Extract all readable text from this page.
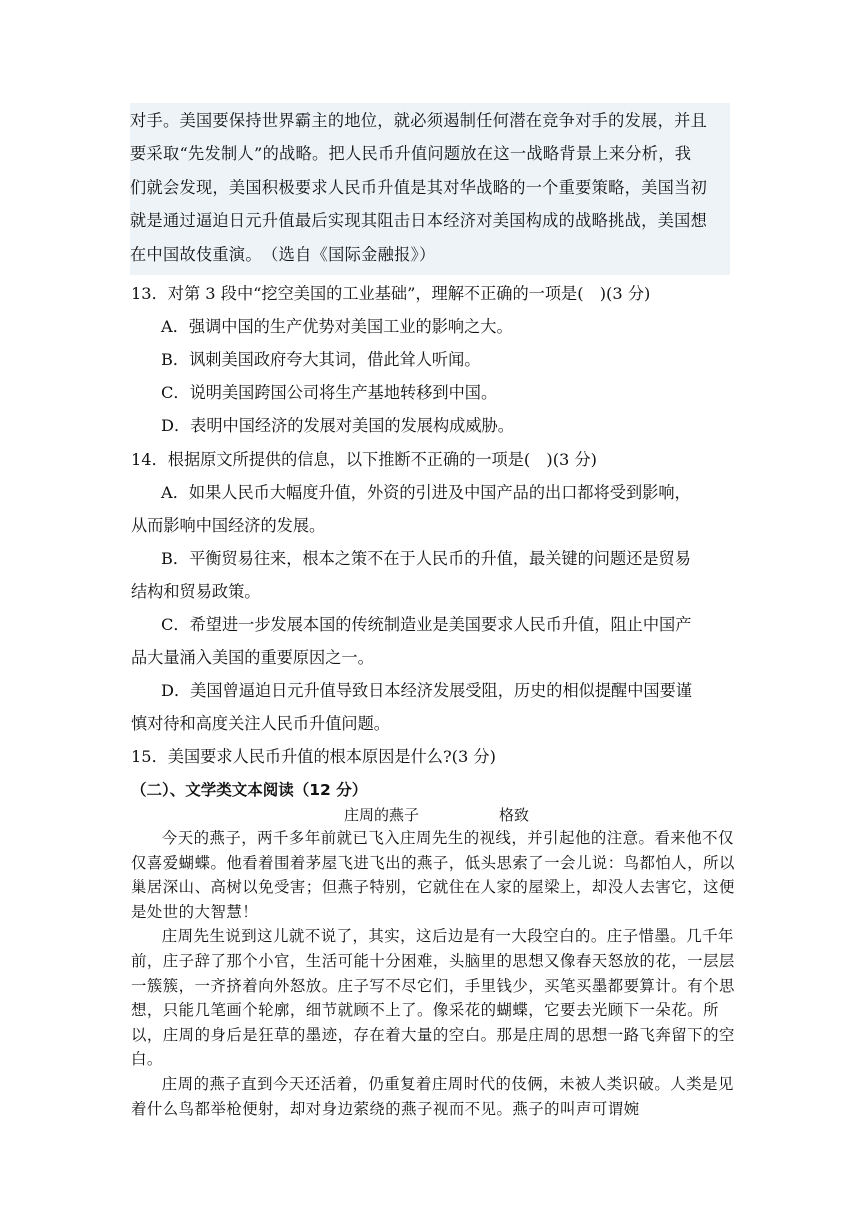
对手。美国要保持世界霸主的地位，就必须遏制任何潜在竞争对手的发展，并且

要采取“先发制人”的战略。把人民币升值问题放在这一战略背景上来分析，我

们就会发现，美国积极要求人民币升值是其对华战略的一个重要策略，美国当初

就是通过逼迫日元升值最后实现其阻击日本经济对美国构成的战略挑战，美国想

在中国故伎重演。　（选自《国际金融报》）

13．对第 3 段中“挖空美国的工业基础”，理解不正确的一项是(　)(3 分)

A．强调中国的生产优势对美国工业的影响之大。

B．讽刺美国政府夸大其词，借此耸人听闻。

C．说明美国跨国公司将生产基地转移到中国。

D．表明中国经济的发展对美国的发展构成威胁。

14．根据原文所提供的信息，以下推断不正确的一项是(　)(3 分)

A．如果人民币大幅度升值，外资的引进及中国产品的出口都将受到影响，

从而影响中国经济的发展。

B．平衡贸易往来，根本之策不在于人民币的升值，最关键的问题还是贸易

结构和贸易政策。

C．希望进一步发展本国的传统制造业是美国要求人民币升值，阻止中国产

品大量涌入美国的重要原因之一。

D．美国曾逼迫日元升值导致日本经济发展受阻，历史的相似提醒中国要谨

慎对待和高度关注人民币升值问题。

15．美国要求人民币升值的根本原因是什么?(3 分)

（二）、文学类文本阅读（12 分）

庄周的燕子	格致

今天的燕子，两千多年前就已飞入庄周先生的视线，并引起他的注意。看来他不仅仅喜爱蝴蝶。他看着围着茅屋飞进飞出的燕子，低头思索了一会儿说：鸟都怕人，所以巢居深山、高树以免受害；但燕子特别，它就住在人家的屋梁上，却没人去害它，这便是处世的大智慧！

庄周先生说到这儿就不说了，其实，这后边是有一大段空白的。庄子惜墨。几千年前，庄子辞了那个小官，生活可能十分困难，头脑里的思想又像春天怒放的花，一层层一簇簇，一齐挤着向外怒放。庄子写不尽它们，手里钱少，买笔买墨都要算计。有个思想，只能几笔画个轮廓，细节就顾不上了。像采花的蝴蝶，它要去光顾下一朵花。所以，庄周的身后是狂草的墨迹，存在着大量的空白。那是庄周的思想一路飞奔留下的空白。

庄周的燕子直到今天还活着，仍重复着庄周时代的伎俩，未被人类识破。人类是见着什么鸟都举枪便射，却对身边萦绕的燕子视而不见。燕子的叫声可谓婉
